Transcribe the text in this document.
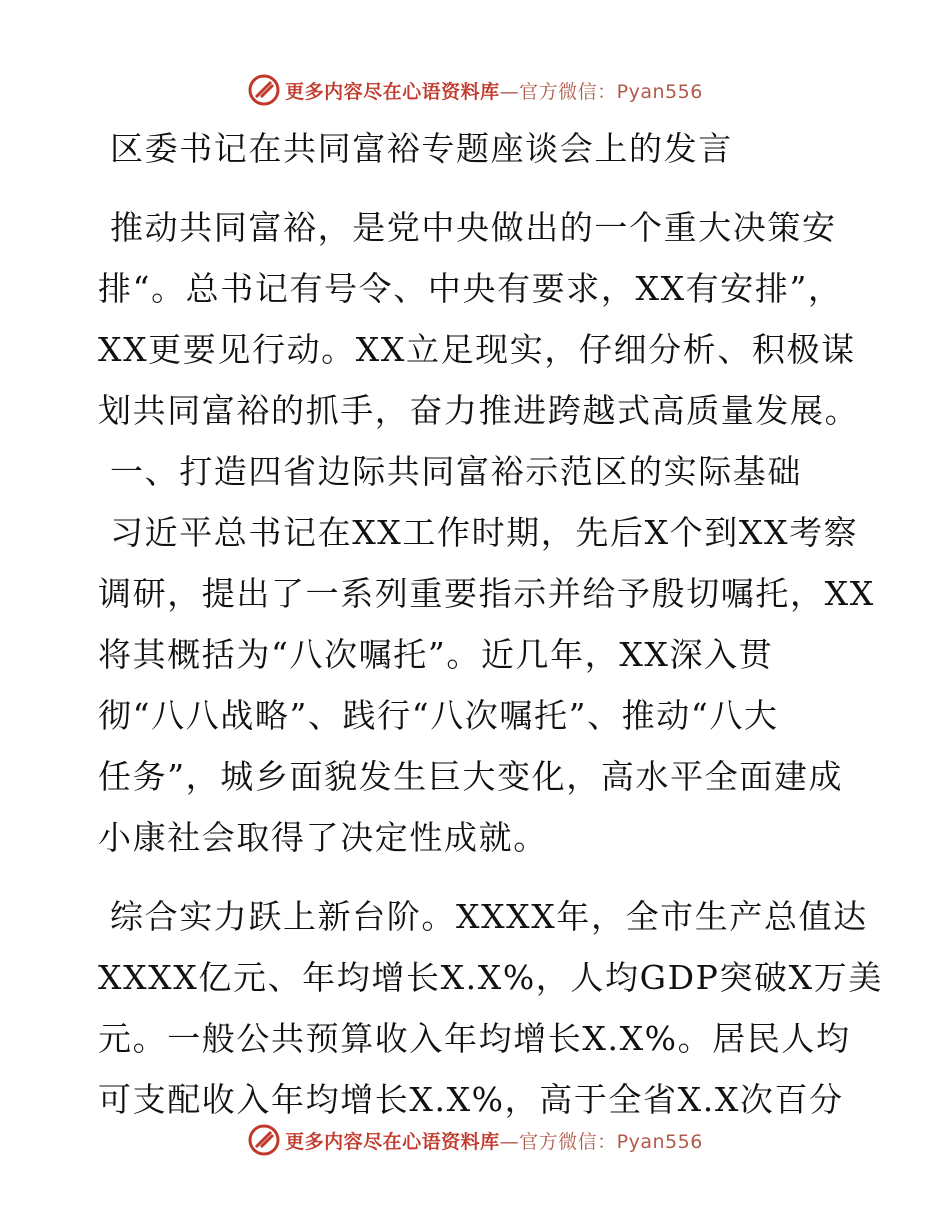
更多内容尽在心语资料库 —官方微信：Pyan556
区委书记在共同富裕专题座谈会上的发言
推动共同富裕，是党中央做出的一个重大决策安
排“。总书记有号令、中央有要求，XX有安排”，
XX更要见行动。XX立足现实，仔细分析、积极谋
划共同富裕的抓手，奋力推进跨越式高质量发展。
一、打造四省边际共同富裕示范区的实际基础
习近平总书记在XX工作时期，先后X个到XX考察
调研，提出了一系列重要指示并给予殷切嘱托，XX
将其概括为“八次嘱托”。近几年，XX深入贯
彻“八八战略”、践行“八次嘱托”、推动“八大
任务”，城乡面貌发生巨大变化，高水平全面建成
小康社会取得了决定性成就。
综合实力跃上新台阶。XXXX年，全市生产总值达
XXXX亿元、年均增长X.X%，人均GDP突破X万美
元。一般公共预算收入年均增长X.X%。居民人均
可支配收入年均增长X.X%，高于全省X.X次百分
更多内容尽在心语资料库 —官方微信：Pyan556
